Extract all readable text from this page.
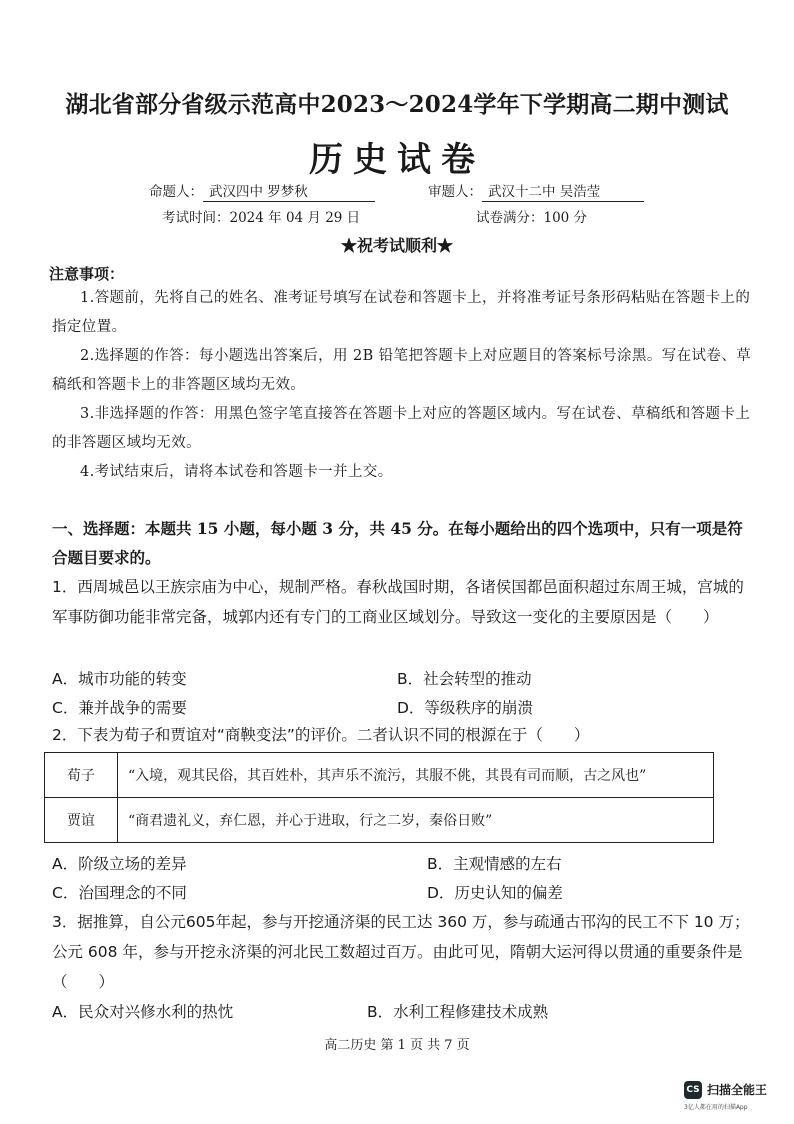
湖北省部分省级示范高中2023～2024学年下学期高二期中测试
历史试卷
命题人： 武汉四中 罗梦秋	审题人： 武汉十二中 吴浩莹
考试时间：2024 年 04 月 29 日	试卷满分：100 分
★祝考试顺利★
注意事项：
1.答题前，先将自己的姓名、准考证号填写在试卷和答题卡上，并将准考证号条形码粘贴在答题卡上的指定位置。
2.选择题的作答：每小题选出答案后，用 2B 铅笔把答题卡上对应题目的答案标号涂黑。写在试卷、草稿纸和答题卡上的非答题区域均无效。
3.非选择题的作答：用黑色签字笔直接答在答题卡上对应的答题区域内。写在试卷、草稿纸和答题卡上的非答题区域均无效。
4.考试结束后，请将本试卷和答题卡一并上交。
一、选择题：本题共 15 小题，每小题 3 分，共 45 分。在每小题给出的四个选项中，只有一项是符合题目要求的。
1．西周城邑以王族宗庙为中心，规制严格。春秋战国时期，各诸侯国都邑面积超过东周王城，宫城的军事防御功能非常完备，城郭内还有专门的工商业区域划分。导致这一变化的主要原因是（　　）
A．城市功能的转变	B．社会转型的推动
C．兼并战争的需要	D．等级秩序的崩溃
2．下表为荀子和贾谊对“商鞅变法”的评价。二者认识不同的根源在于（　　）
荀子	“入境，观其民俗，其百姓朴，其声乐不流污，其服不佻，其畏有司而顺，古之风也”
贾谊	“商君遗礼义，弃仁恩，并心于进取，行之二岁，秦俗日败”
A．阶级立场的差异	B．主观情感的左右
C．治国理念的不同	D．历史认知的偏差
3．据推算，自公元605年起，参与开挖通济渠的民工达 360 万，参与疏通古邗沟的民工不下 10 万；公元 608 年，参与开挖永济渠的河北民工数超过百万。由此可见，隋朝大运河得以贯通的重要条件是（　　）
A．民众对兴修水利的热忱	B．水利工程修建技术成熟
高二历史 第 1 页 共 7 页
CS 扫描全能王
3亿人都在用的扫描App
